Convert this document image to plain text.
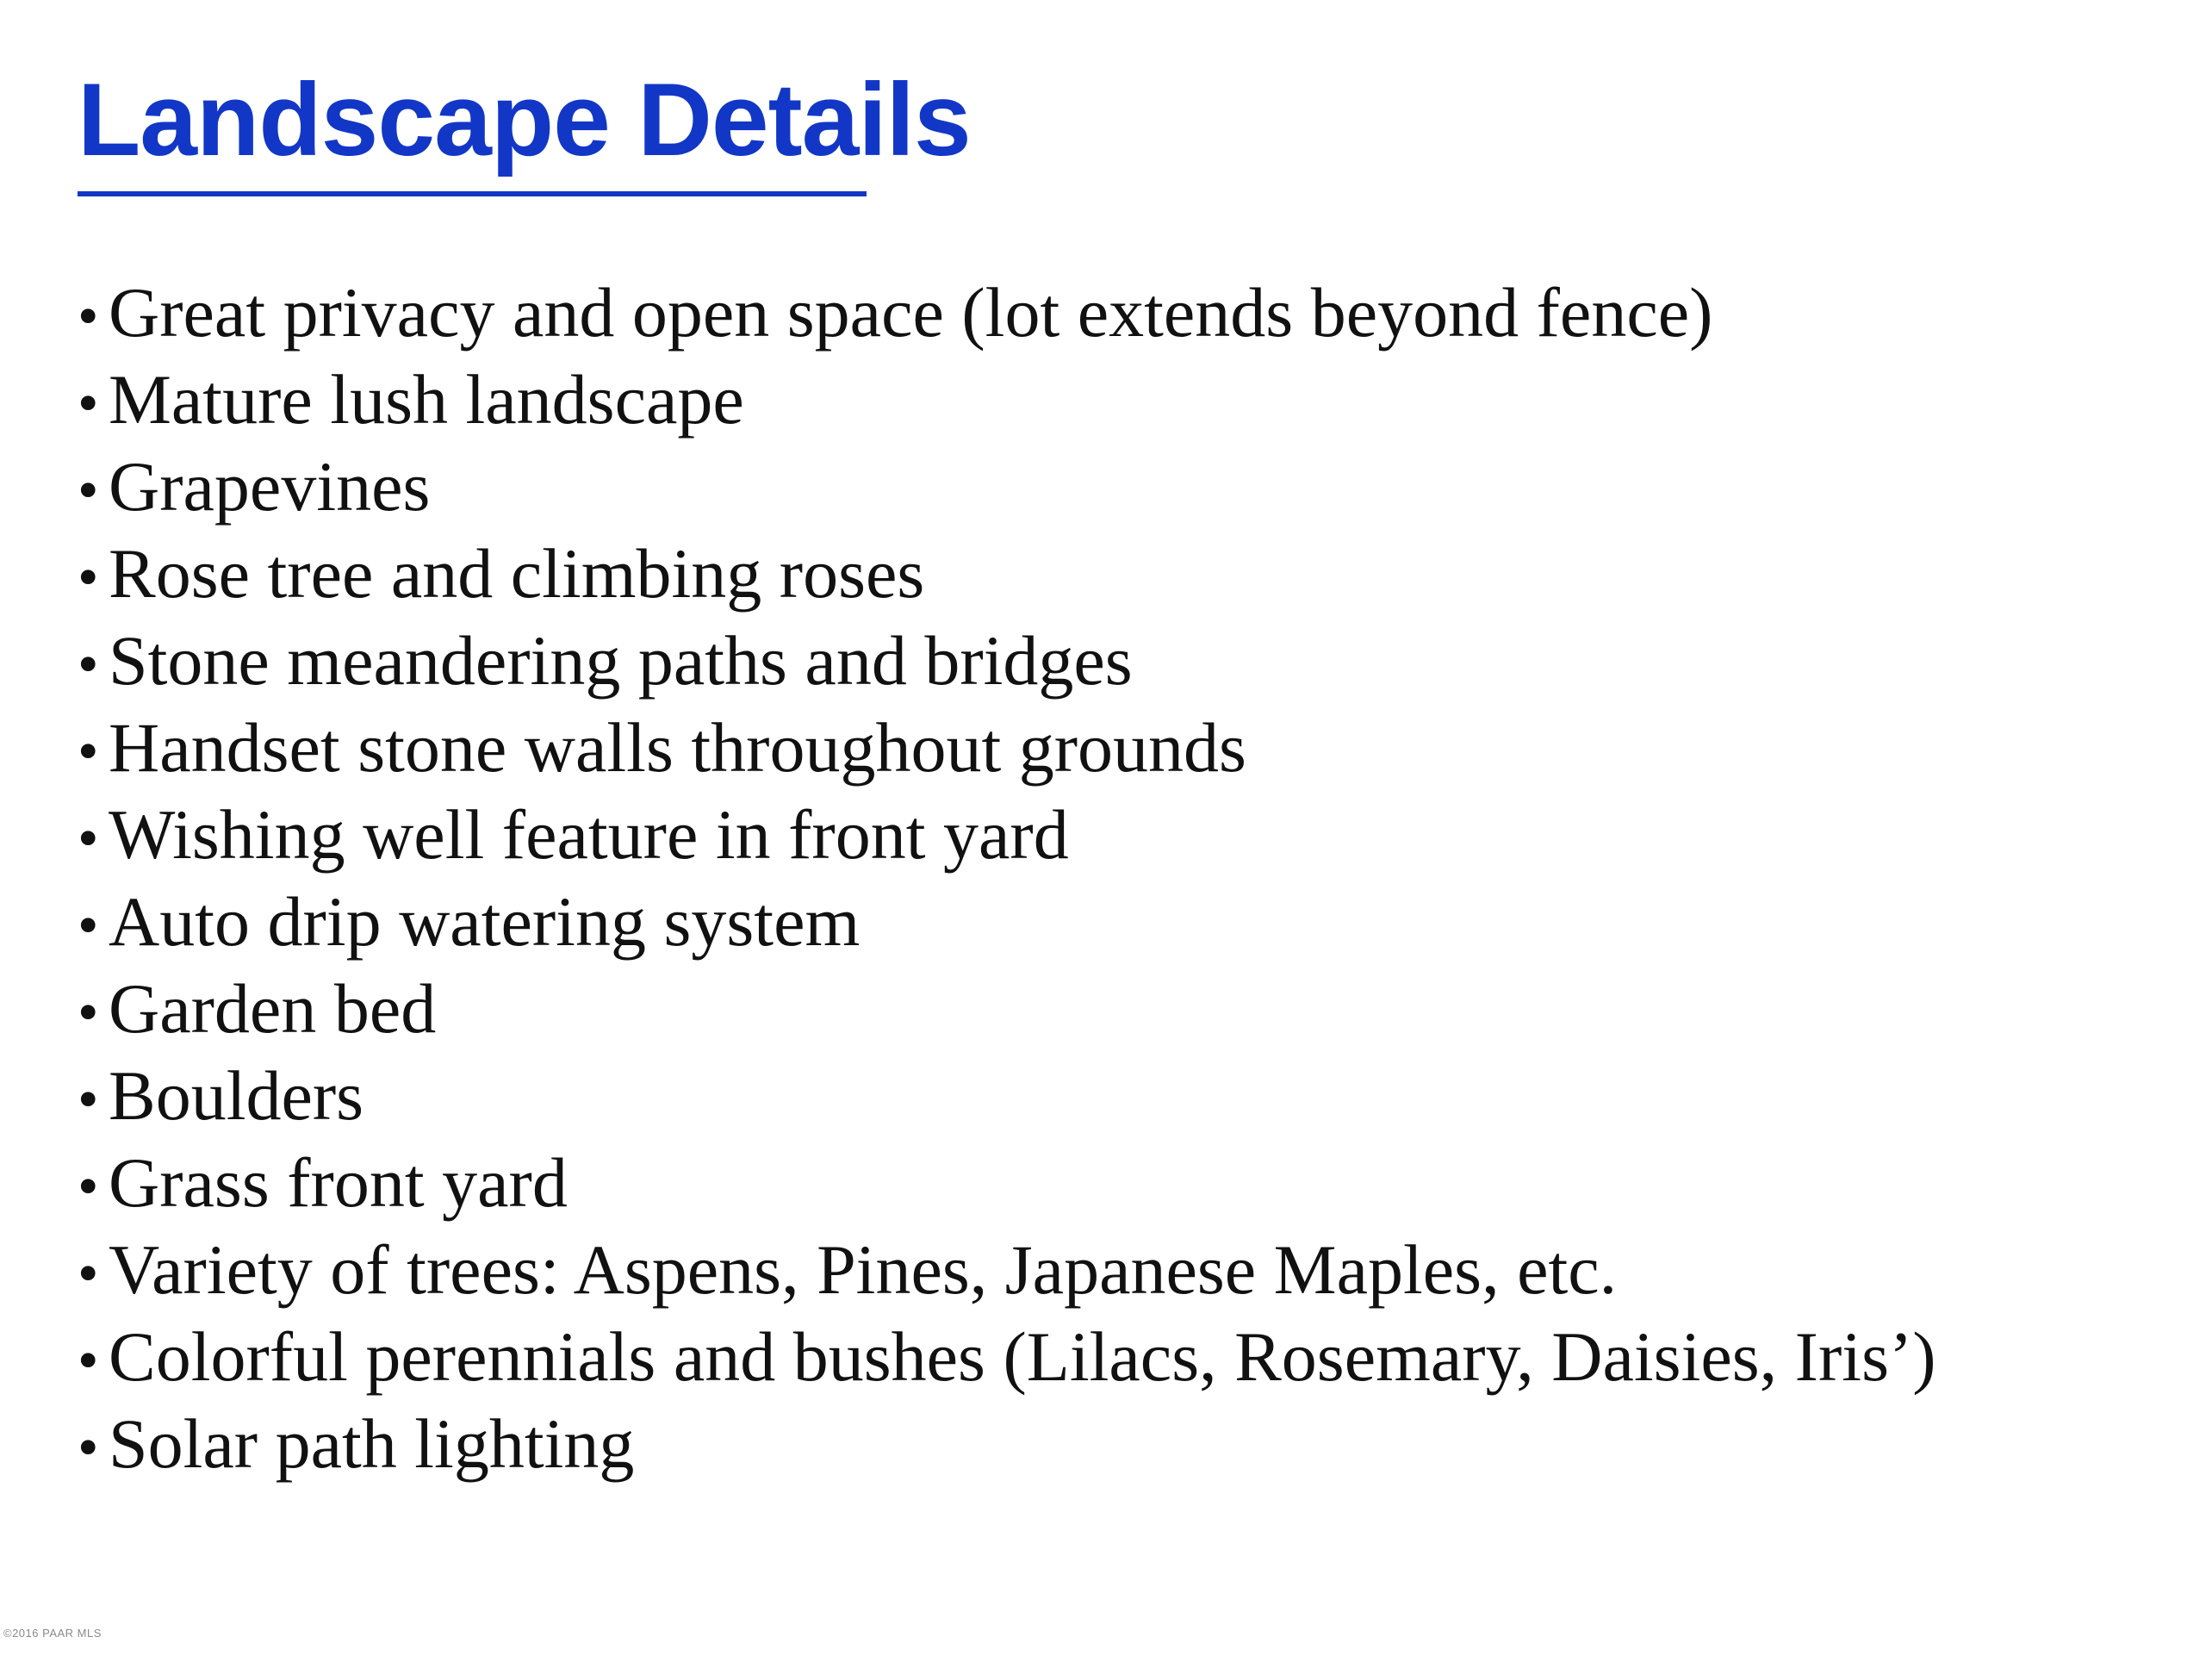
Landscape Details
• Great privacy and open space (lot extends beyond fence)
• Mature lush landscape
• Grapevines
• Rose tree and climbing roses
• Stone meandering paths and bridges
• Handset stone walls throughout grounds
• Wishing well feature in front yard
• Auto drip watering system
• Garden bed
• Boulders
• Grass front yard
• Variety of trees: Aspens, Pines, Japanese Maples, etc.
• Colorful perennials and bushes (Lilacs, Rosemary, Daisies, Iris’)
• Solar path lighting
©2016 PAAR MLS
